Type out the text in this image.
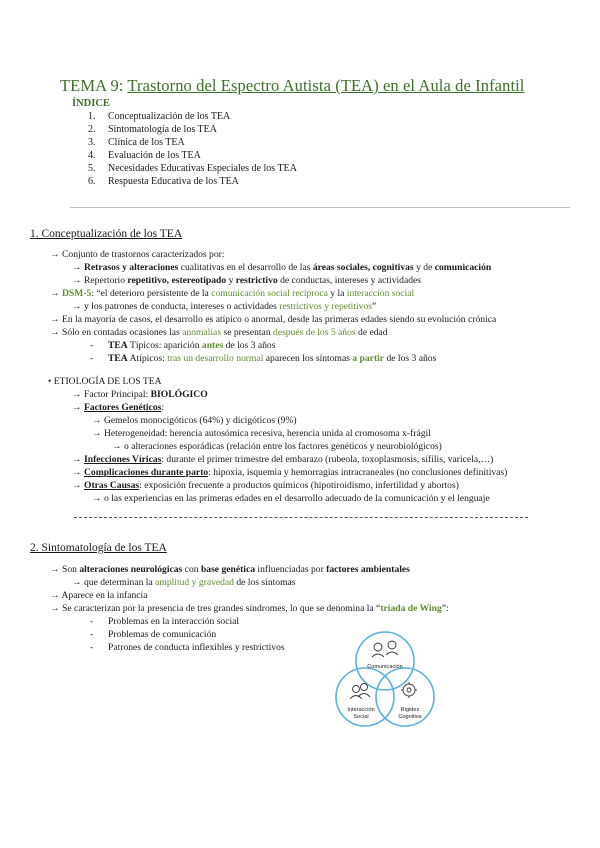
TEMA 9: Trastorno del Espectro Autista (TEA) en el Aula de Infantil
ÍNDICE
1. Conceptualización de los TEA
2. Sintomatología de los TEA
3. Clínica de los TEA
4. Evaluación de los TEA
5. Necesidades Educativas Especiales de los TEA
6. Respuesta Educativa de los TEA
1. Conceptualización de los TEA
→ Conjunto de trastornos caracterizados por:
→ Retrasos y alteraciones cualitativas en el desarrollo de las áreas sociales, cognitivas y de comunicación
→ Repertorio repetitivo, estereotipado y restrictivo de conductas, intereses y actividades
→ DSM-5: “el deterioro persistente de la comunicación social recíproca y la interacción social
→ y los patrones de conducta, intereses o actividades restrictivos y repetitivos”
→ En la mayoría de casos, el desarrollo es atípico o anormal, desde las primeras edades siendo su evolución crónica
→ Sólo en contadas ocasiones las anomalías se presentan después de los 5 años de edad
- TEA Típicos: aparición antes de los 3 años
- TEA Atípicos: tras un desarrollo normal aparecen los síntomas a partir de los 3 años
• ETIOLOGÍA DE LOS TEA
→ Factor Principal: BIOLÓGICO
→ Factores Genéticos:
→ Gemelos monocigóticos (64%) y dicigóticos (9%)
→ Heterogeneidad: herencia autosómica recesiva, herencia unida al cromosoma x-frágil
→ o alteraciones esporádicas (relación entre los factores genéticos y neurobiológicos)
→ Infecciones Víricas: durante el primer trimestre del embarazo (rubeola, toxoplasmosis, sífilis, varicela,…)
→ Complicaciones durante parto: hipoxia, isquemia y hemorragias intracraneales (no conclusiones definitivas)
→ Otras Causas: exposición frecuente a productos químicos (hipotiroidismo, infertilidad y abortos)
→ o las experiencias en las primeras edades en el desarrollo adecuado de la comunicación y el lenguaje
2. Sintomatología de los TEA
→ Son alteraciones neurológicas con base genética influenciadas por factores ambientales
→ que determinan la amplitud y gravedad de los síntomas
→ Aparece en la infancia
→ Se caracterizan por la presencia de tres grandes síndromes, lo que se denomina la “tríada de Wing”:
- Problemas en la interacción social
- Problemas de comunicación
- Patrones de conducta inflexibles y restrictivos
Comunicación
Interacción
Social
Rigidez
Cognitiva
